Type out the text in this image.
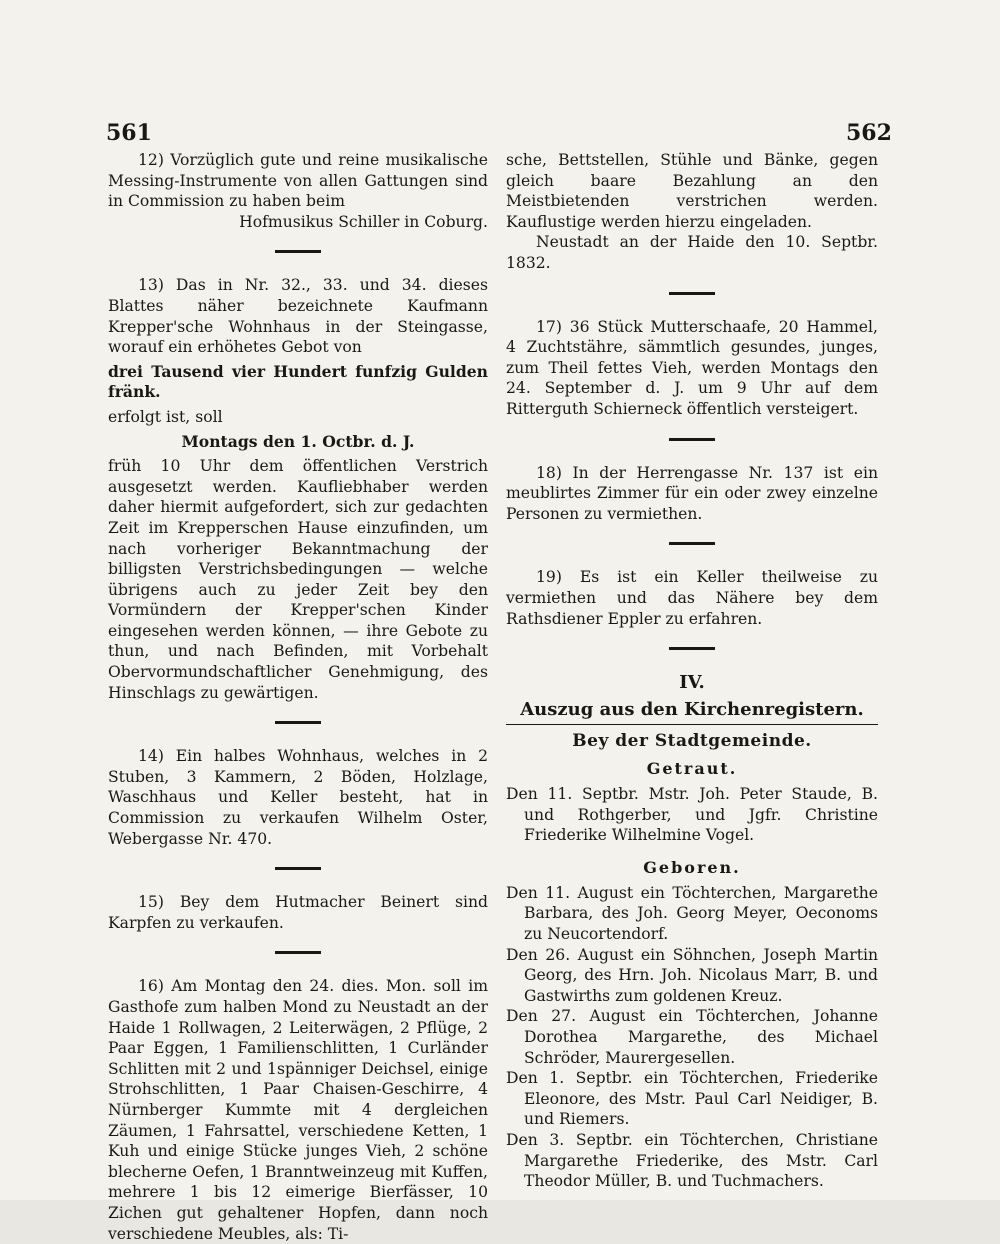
561	562

12) Vorzüglich gute und reine musikalische Messing-Instrumente von allen Gattungen sind in Commission zu haben beim

Hofmusikus Schiller in Coburg.

13) Das in Nr. 32., 33. und 34. dieses Blattes näher bezeichnete Kaufmann Krepper'sche Wohnhaus in der Steingasse, worauf ein erhöhetes Gebot von

drei Tausend vier Hundert funfzig Gulden fränk.

erfolgt ist, soll

Montags den 1. Octbr. d. J.

früh 10 Uhr dem öffentlichen Verstrich ausgesetzt werden. Kaufliebhaber werden daher hiermit aufgefordert, sich zur gedachten Zeit im Krepperschen Hause einzufinden, um nach vorheriger Bekanntmachung der billigsten Verstrichsbedingungen — welche übrigens auch zu jeder Zeit bey den Vormündern der Krepper'schen Kinder eingesehen werden können, — ihre Gebote zu thun, und nach Befinden, mit Vorbehalt Obervormundschaftlicher Genehmigung, des Hinschlags zu gewärtigen.

14) Ein halbes Wohnhaus, welches in 2 Stuben, 3 Kammern, 2 Böden, Holzlage, Waschhaus und Keller besteht, hat in Commission zu verkaufen Wilhelm Oster, Webergasse Nr. 470.

15) Bey dem Hutmacher Beinert sind Karpfen zu verkaufen.

16) Am Montag den 24. dies. Mon. soll im Gasthofe zum halben Mond zu Neustadt an der Haide 1 Rollwagen, 2 Leiterwägen, 2 Pflüge, 2 Paar Eggen, 1 Familienschlitten, 1 Curländer Schlitten mit 2 und 1spänniger Deichsel, einige Strohschlitten, 1 Paar Chaisen-Geschirre, 4 Nürnberger Kummte mit 4 dergleichen Zäumen, 1 Fahrsattel, verschiedene Ketten, 1 Kuh und einige Stücke junges Vieh, 2 schöne blecherne Oefen, 1 Branntweinzeug mit Kuffen, mehrere 1 bis 12 eimerige Bierfässer, 10 Zichen gut gehaltener Hopfen, dann noch verschiedene Meubles, als: Ti-

sche, Bettstellen, Stühle und Bänke, gegen gleich baare Bezahlung an den Meistbietenden verstrichen werden. Kauflustige werden hierzu eingeladen.

Neustadt an der Haide den 10. Septbr. 1832.

17) 36 Stück Mutterschaafe, 20 Hammel, 4 Zuchtstähre, sämmtlich gesundes, junges, zum Theil fettes Vieh, werden Montags den 24. September d. J. um 9 Uhr auf dem Ritterguth Schierneck öffentlich versteigert.

18) In der Herrengasse Nr. 137 ist ein meublirtes Zimmer für ein oder zwey einzelne Personen zu vermiethen.

19) Es ist ein Keller theilweise zu vermiethen und das Nähere bey dem Rathsdiener Eppler zu erfahren.

IV.
Auszug aus den Kirchenregistern.
Bey der Stadtgemeinde.
Getraut.

Den 11. Septbr. Mstr. Joh. Peter Staude, B. und Rothgerber, und Jgfr. Christine Friederike Wilhelmine Vogel.

Geboren.

Den 11. August ein Töchterchen, Margarethe Barbara, des Joh. Georg Meyer, Oeconoms zu Neucortendorf.

Den 26. August ein Söhnchen, Joseph Martin Georg, des Hrn. Joh. Nicolaus Marr, B. und Gastwirths zum goldenen Kreuz.

Den 27. August ein Töchterchen, Johanne Dorothea Margarethe, des Michael Schröder, Maurergesellen.

Den 1. Septbr. ein Töchterchen, Friederike Eleonore, des Mstr. Paul Carl Neidiger, B. und Riemers.

Den 3. Septbr. ein Töchterchen, Christiane Margarethe Friederike, des Mstr. Carl Theodor Müller, B. und Tuchmachers.
